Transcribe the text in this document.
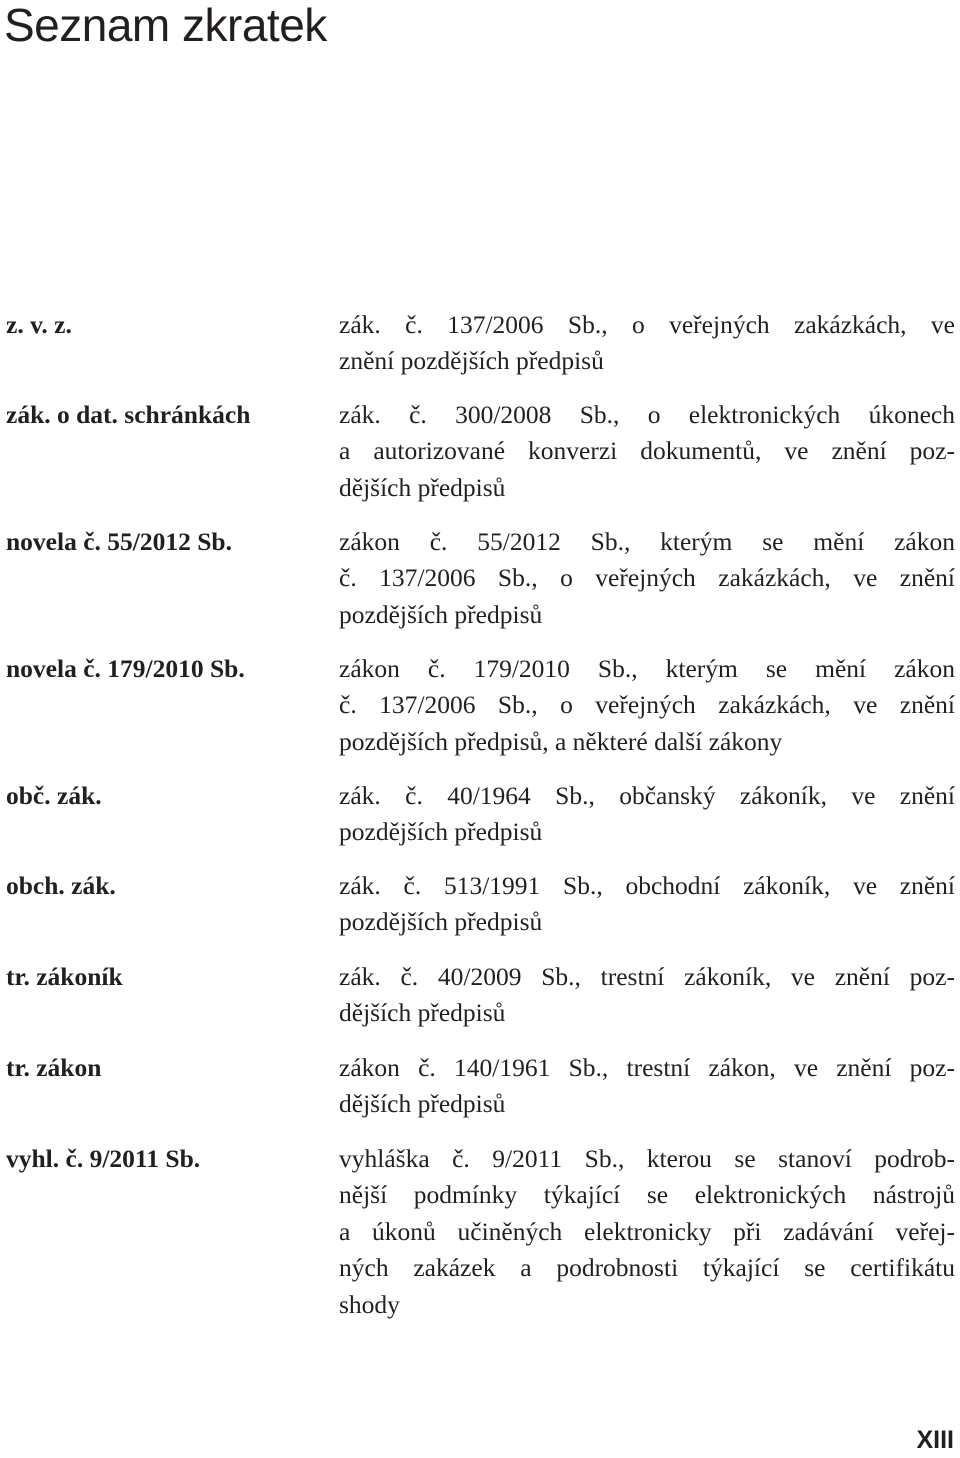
Seznam zkratek
z. v. z.	zák. č. 137/2006 Sb., o veřejných zakázkách, ve
znění pozdějších předpisů
zák. o dat. schránkách	zák. č. 300/2008 Sb., o elektronických úkonech
a autorizované konverzi dokumentů, ve znění poz-
dějších předpisů
novela č. 55/2012 Sb.	zákon č. 55/2012 Sb., kterým se mění zákon
č. 137/2006 Sb., o veřejných zakázkách, ve znění
pozdějších předpisů
novela č. 179/2010 Sb.	zákon č. 179/2010 Sb., kterým se mění zákon
č. 137/2006 Sb., o veřejných zakázkách, ve znění
pozdějších předpisů, a některé další zákony
obč. zák.	zák. č. 40/1964 Sb., občanský zákoník, ve znění
pozdějších předpisů
obch. zák.	zák. č. 513/1991 Sb., obchodní zákoník, ve znění
pozdějších předpisů
tr. zákoník	zák. č. 40/2009 Sb., trestní zákoník, ve znění poz-
dějších předpisů
tr. zákon	zákon č. 140/1961 Sb., trestní zákon, ve znění poz-
dějších předpisů
vyhl. č. 9/2011 Sb.	vyhláška č. 9/2011 Sb., kterou se stanoví podrob-
nější podmínky týkající se elektronických nástrojů
a úkonů učiněných elektronicky při zadávání veřej-
ných zakázek a podrobnosti týkající se certifikátu
shody
XIII
